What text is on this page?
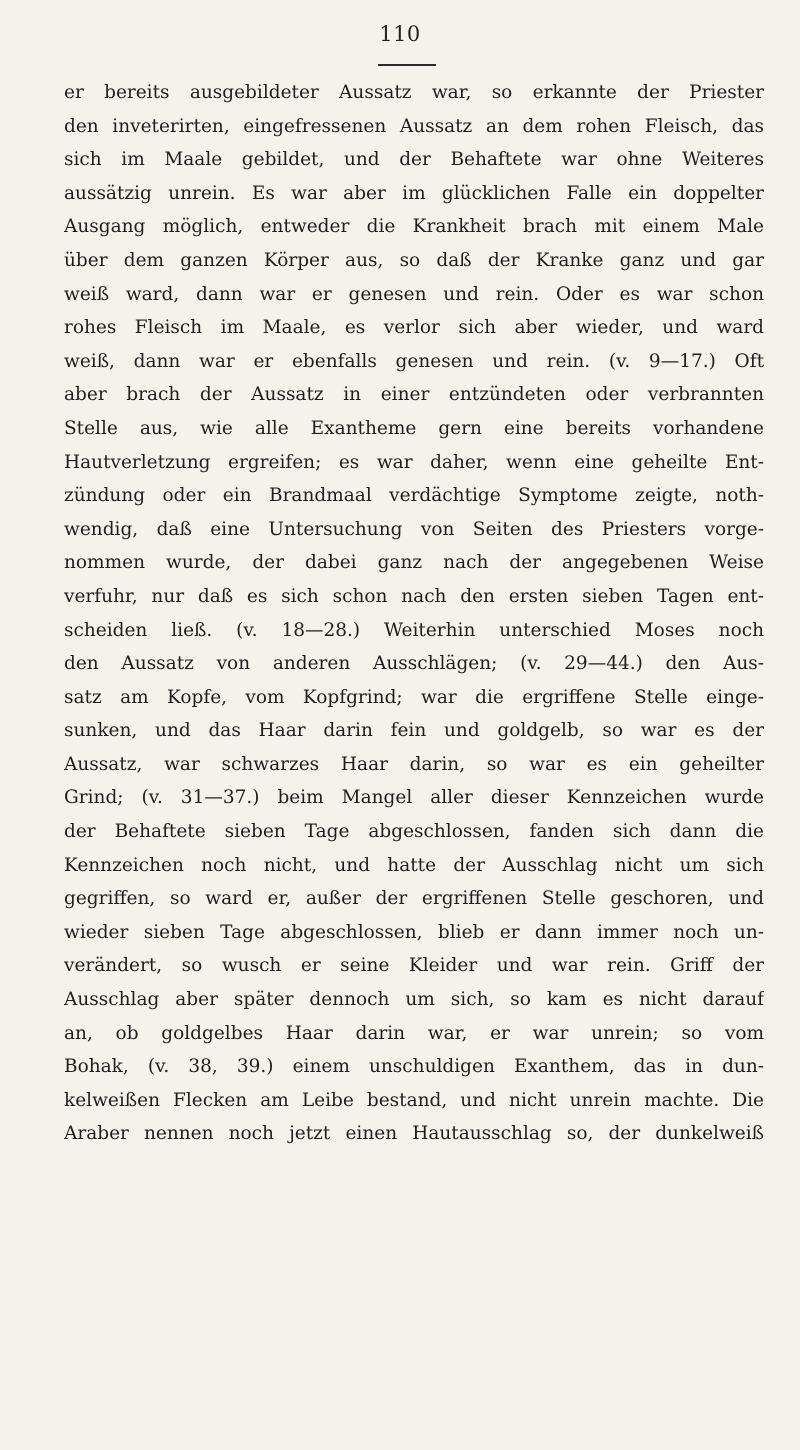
110
er bereits ausgebildeter Aussatz war, so erkannte der Priester
den inveterirten, eingefressenen Aussatz an dem rohen Fleisch, das
sich im Maale gebildet, und der Behaftete war ohne Weiteres
aussätzig unrein. Es war aber im glücklichen Falle ein doppelter
Ausgang möglich, entweder die Krankheit brach mit einem Male
über dem ganzen Körper aus, so daß der Kranke ganz und gar
weiß ward, dann war er genesen und rein. Oder es war schon
rohes Fleisch im Maale, es verlor sich aber wieder, und ward
weiß, dann war er ebenfalls genesen und rein. (v. 9—17.) Oft
aber brach der Aussatz in einer entzündeten oder verbrannten
Stelle aus, wie alle Exantheme gern eine bereits vorhandene
Hautverletzung ergreifen; es war daher, wenn eine geheilte Ent-
zündung oder ein Brandmaal verdächtige Symptome zeigte, noth-
wendig, daß eine Untersuchung von Seiten des Priesters vorge-
nommen wurde, der dabei ganz nach der angegebenen Weise
verfuhr, nur daß es sich schon nach den ersten sieben Tagen ent-
scheiden ließ. (v. 18—28.) Weiterhin unterschied Moses noch
den Aussatz von anderen Ausschlägen; (v. 29—44.) den Aus-
satz am Kopfe, vom Kopfgrind; war die ergriffene Stelle einge-
sunken, und das Haar darin fein und goldgelb, so war es der
Aussatz, war schwarzes Haar darin, so war es ein geheilter
Grind; (v. 31—37.) beim Mangel aller dieser Kennzeichen wurde
der Behaftete sieben Tage abgeschlossen, fanden sich dann die
Kennzeichen noch nicht, und hatte der Ausschlag nicht um sich
gegriffen, so ward er, außer der ergriffenen Stelle geschoren, und
wieder sieben Tage abgeschlossen, blieb er dann immer noch un-
verändert, so wusch er seine Kleider und war rein. Griff der
Ausschlag aber später dennoch um sich, so kam es nicht darauf
an, ob goldgelbes Haar darin war, er war unrein; so vom
Bohak, (v. 38, 39.) einem unschuldigen Exanthem, das in dun-
kelweißen Flecken am Leibe bestand, und nicht unrein machte. Die
Araber nennen noch jetzt einen Hautausschlag so, der dunkelweiß
